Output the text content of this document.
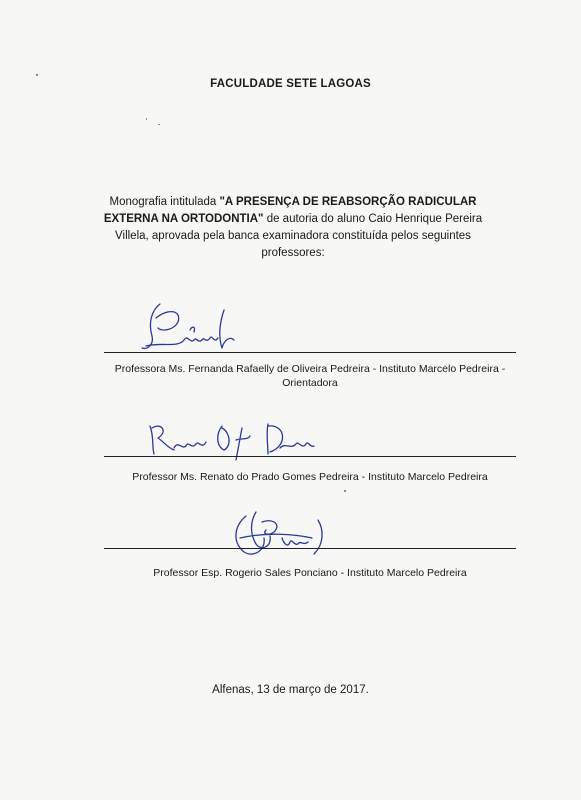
FACULDADE SETE LAGOAS
Monografia intitulada "A PRESENÇA DE REABSORÇÃO RADICULAR EXTERNA NA ORTODONTIA" de autoria do aluno Caio Henrique Pereira Villela, aprovada pela banca examinadora constituída pelos seguintes professores:
Professora Ms. Fernanda Rafaelly de Oliveira Pedreira - Instituto Marcelo Pedreira -
Orientadora
Professor Ms. Renato do Prado Gomes Pedreira - Instituto Marcelo Pedreira
Professor Esp. Rogerio Sales Ponciano - Instituto Marcelo Pedreira
Alfenas, 13 de março de 2017.
